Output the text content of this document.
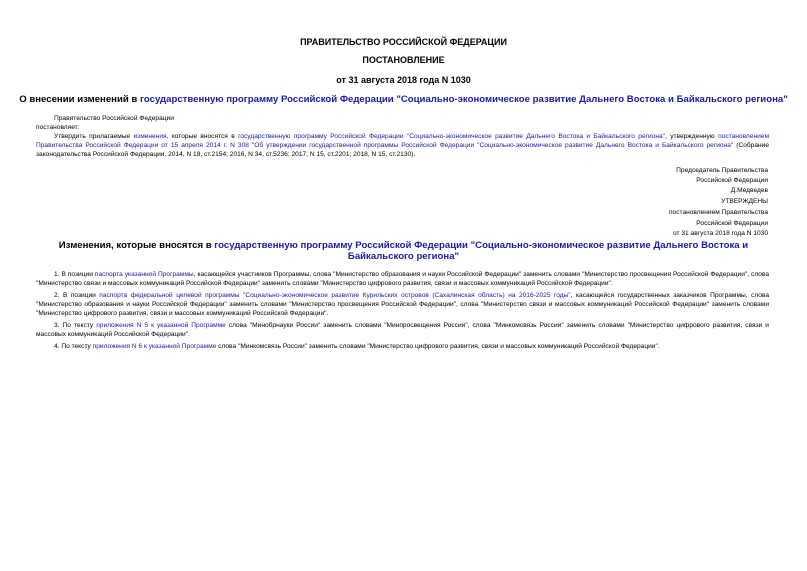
ПРАВИТЕЛЬСТВО РОССИЙСКОЙ ФЕДЕРАЦИИ
ПОСТАНОВЛЕНИЕ
от 31 августа 2018 года N 1030
О внесении изменений в государственную программу Российской Федерации "Социально-экономическое развитие Дальнего Востока и Байкальского региона"
Правительство Российской Федерации
постановляет:
Утвердить прилагаемые изменения, которые вносятся в государственную программу Российской Федерации "Социально-экономическое развитие Дальнего Востока и Байкальского региона", утвержденную постановлением Правительства Российской Федерации от 15 апреля 2014 г. N 308 "Об утверждении государственной программы Российской Федерации "Социально-экономическое развитие Дальнего Востока и Байкальского региона" (Собрание законодательства Российской Федерации, 2014, N 18, ст.2154; 2016, N 34, ст.5236; 2017, N 15, ст.2201; 2018, N 15, ст.2130).
Председатель Правительства
Российской Федерации
Д.Медведев
УТВЕРЖДЕНЫ
постановлением Правительства
Российской Федерации
от 31 августа 2018 года N 1030
Изменения, которые вносятся в государственную программу Российской Федерации "Социально-экономическое развитие Дальнего Востока и Байкальского региона"
1. В позиции паспорта указанной Программы, касающейся участников Программы, слова "Министерство образования и науки Российской Федерации" заменить словами "Министерство просвещения Российской Федерации", слова "Министерство связи и массовых коммуникаций Российской Федерации" заменить словами "Министерство цифрового развития, связи и массовых коммуникаций Российской Федерации".
2. В позиции паспорта федеральной целевой программы "Социально-экономическое развитие Курильских островов (Сахалинская область) на 2016-2025 годы", касающейся государственных заказчиков Программы, слова "Министерство образования и науки Российской Федерации" заменить словами "Министерство просвещения Российской Федерации", слова "Министерство связи и массовых коммуникаций Российской Федерации" заменить словами "Министерство цифрового развития, связи и массовых коммуникаций Российской Федерации".
3. По тексту приложения N 5 к указанной Программе слова "Минобрнауки России" заменить словами "Минпросвещения России", слова "Минкомсвязь России" заменить словами "Министерство цифрового развития, связи и массовых коммуникаций Российской Федерации".
4. По тексту приложения N 6 к указанной Программе слова "Минкомсвязь России" заменить словами "Министерство цифрового развития, связи и массовых коммуникаций Российской Федерации".
